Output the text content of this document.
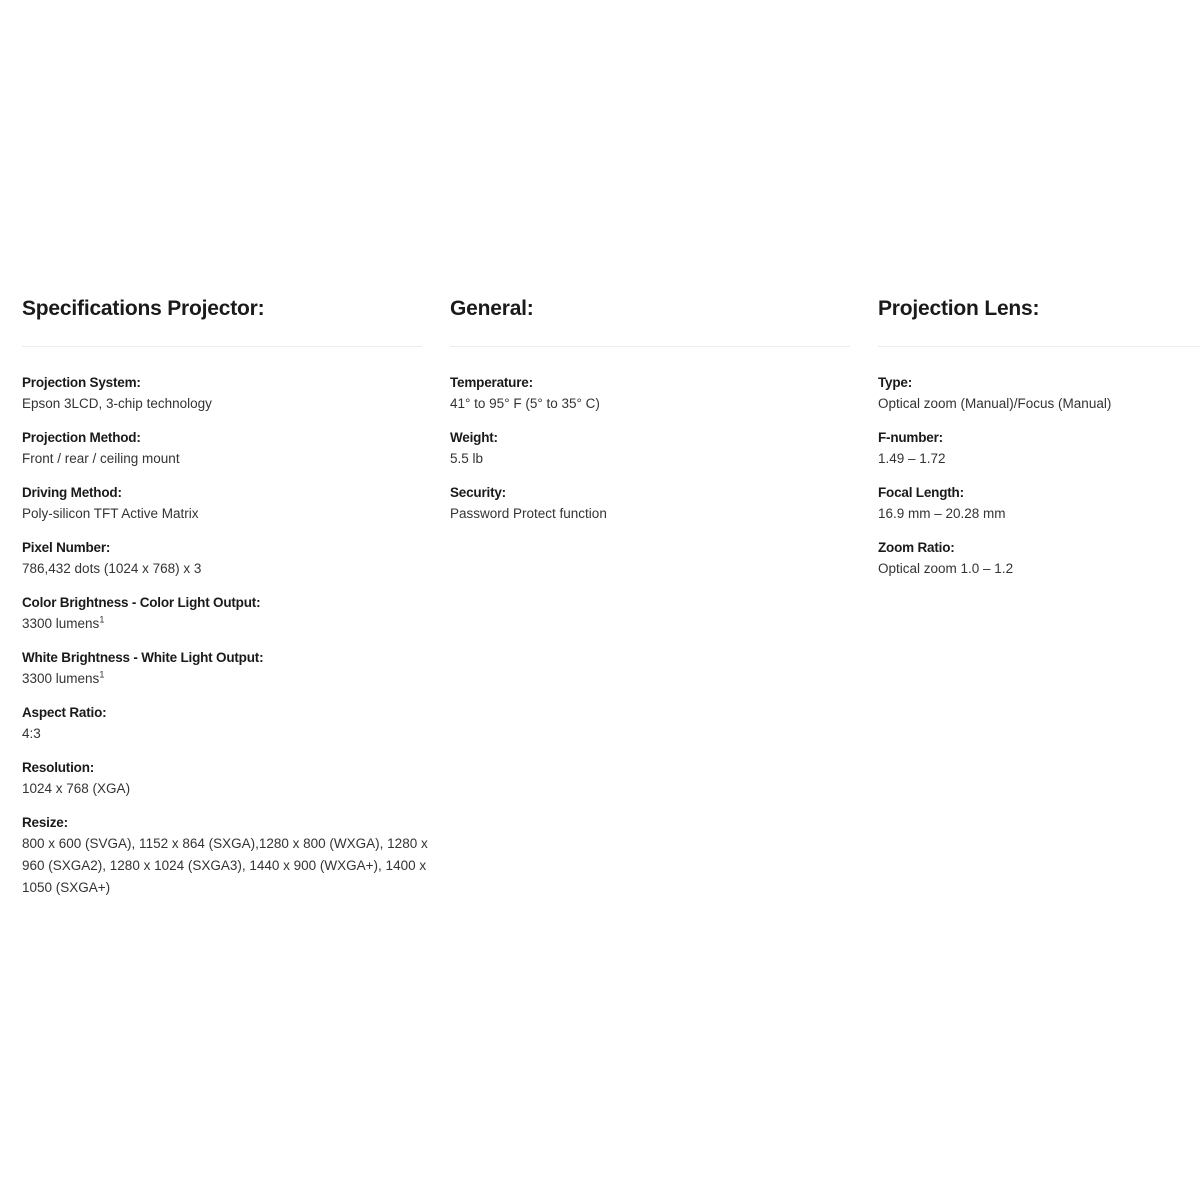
Specifications Projector:
Projection System:
Epson 3LCD, 3-chip technology
Projection Method:
Front / rear / ceiling mount
Driving Method:
Poly-silicon TFT Active Matrix
Pixel Number:
786,432 dots (1024 x 768) x 3
Color Brightness - Color Light Output:
3300 lumens$^1$
White Brightness - White Light Output:
3300 lumens$^1$
Aspect Ratio:
4:3
Resolution:
1024 x 768 (XGA)
Resize:
800 x 600 (SVGA), 1152 x 864 (SXGA),1280 x 800 (WXGA), 1280 x 960 (SXGA2), 1280 x 1024 (SXGA3), 1440 x 900 (WXGA+), 1400 x 1050 (SXGA+)
General:
Temperature:
41° to 95° F (5° to 35° C)
Weight:
5.5 lb
Security:
Password Protect function
Projection Lens:
Type:
Optical zoom (Manual)/Focus (Manual)
F-number:
1.49 – 1.72
Focal Length:
16.9 mm – 20.28 mm
Zoom Ratio:
Optical zoom 1.0 – 1.2
